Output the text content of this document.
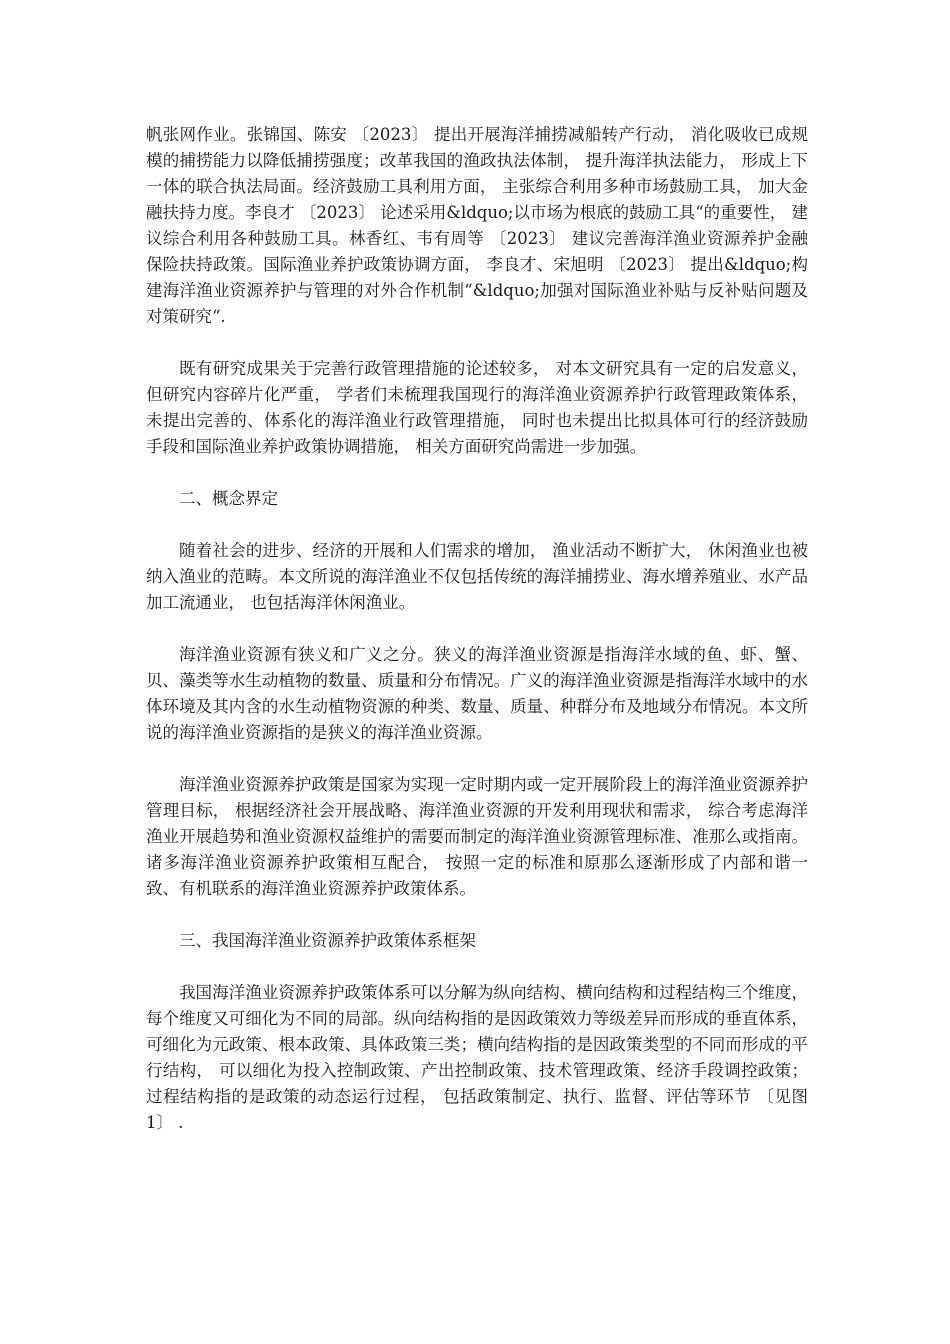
帆张网作业。张锦国、陈安 〔2023〕 提出开展海洋捕捞减船转产行动， 消化吸收已成规模的捕捞能力以降低捕捞强度；改革我国的渔政执法体制， 提升海洋执法能力， 形成上下一体的联合执法局面。经济鼓励工具利用方面， 主张综合利用多种市场鼓励工具， 加大金融扶持力度。李良才 〔2023〕 论述采用&ldquo;以市场为根底的鼓励工具“的重要性， 建议综合利用各种鼓励工具。林香红、韦有周等 〔2023〕 建议完善海洋渔业资源养护金融保险扶持政策。国际渔业养护政策协调方面， 李良才、宋旭明 〔2023〕 提出&ldquo;构建海洋渔业资源养护与管理的对外合作机制“&ldquo;加强对国际渔业补贴与反补贴问题及对策研究“.

既有研究成果关于完善行政管理措施的论述较多， 对本文研究具有一定的启发意义， 但研究内容碎片化严重， 学者们未梳理我国现行的海洋渔业资源养护行政管理政策体系， 未提出完善的、体系化的海洋渔业行政管理措施， 同时也未提出比拟具体可行的经济鼓励手段和国际渔业养护政策协调措施， 相关方面研究尚需进一步加强。

二、概念界定

随着社会的进步、经济的开展和人们需求的增加， 渔业活动不断扩大， 休闲渔业也被纳入渔业的范畴。本文所说的海洋渔业不仅包括传统的海洋捕捞业、海水增养殖业、水产品加工流通业， 也包括海洋休闲渔业。

海洋渔业资源有狭义和广义之分。狭义的海洋渔业资源是指海洋水域的鱼、虾、蟹、贝、藻类等水生动植物的数量、质量和分布情况。广义的海洋渔业资源是指海洋水域中的水体环境及其内含的水生动植物资源的种类、数量、质量、种群分布及地域分布情况。本文所说的海洋渔业资源指的是狭义的海洋渔业资源。

海洋渔业资源养护政策是国家为实现一定时期内或一定开展阶段上的海洋渔业资源养护管理目标， 根据经济社会开展战略、海洋渔业资源的开发利用现状和需求， 综合考虑海洋渔业开展趋势和渔业资源权益维护的需要而制定的海洋渔业资源管理标准、准那么或指南。诸多海洋渔业资源养护政策相互配合， 按照一定的标准和原那么逐渐形成了内部和谐一致、有机联系的海洋渔业资源养护政策体系。

三、我国海洋渔业资源养护政策体系框架

我国海洋渔业资源养护政策体系可以分解为纵向结构、横向结构和过程结构三个维度， 每个维度又可细化为不同的局部。纵向结构指的是因政策效力等级差异而形成的垂直体系， 可细化为元政策、根本政策、具体政策三类；横向结构指的是因政策类型的不同而形成的平行结构， 可以细化为投入控制政策、产出控制政策、技术管理政策、经济手段调控政策；过程结构指的是政策的动态运行过程， 包括政策制定、执行、监督、评估等环节 〔见图 1〕 .
